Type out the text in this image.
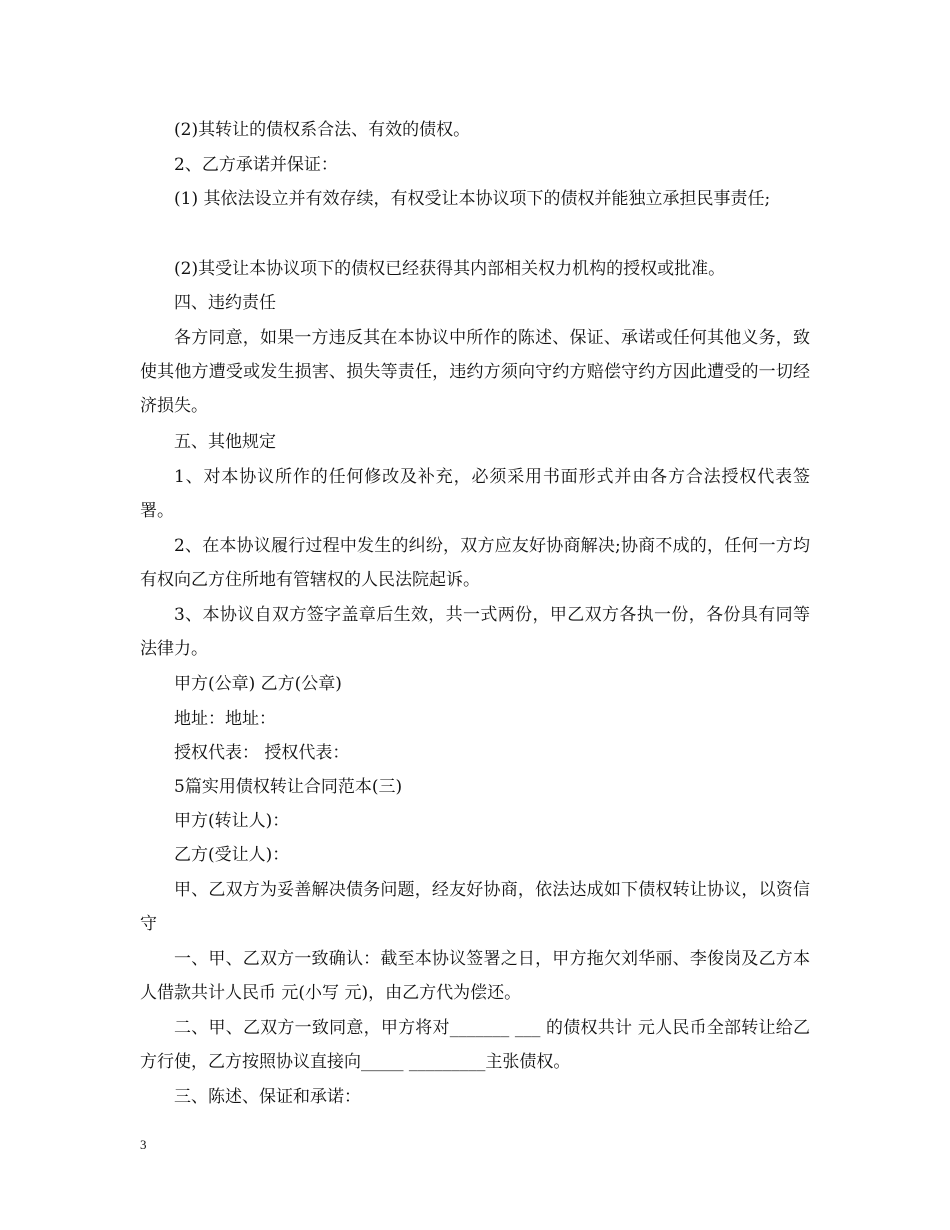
(2)其转让的债权系合法、有效的债权。

2、乙方承诺并保证：

(1) 其依法设立并有效存续，有权受让本协议项下的债权并能独立承担民事责任;

(2)其受让本协议项下的债权已经获得其内部相关权力机构的授权或批准。

四、违约责任

各方同意，如果一方违反其在本协议中所作的陈述、保证、承诺或任何其他义务，致使其他方遭受或发生损害、损失等责任，违约方须向守约方赔偿守约方因此遭受的一切经济损失。

五、其他规定

1、对本协议所作的任何修改及补充，必须采用书面形式并由各方合法授权代表签署。

2、在本协议履行过程中发生的纠纷，双方应友好协商解决;协商不成的，任何一方均有权向乙方住所地有管辖权的人民法院起诉。

3、本协议自双方签字盖章后生效，共一式两份，甲乙双方各执一份，各份具有同等法律力。

甲方(公章) 乙方(公章)

地址：地址：

授权代表： 授权代表：

5篇实用债权转让合同范本(三)

甲方(转让人)：

乙方(受让人)：

甲、乙双方为妥善解决债务问题，经友好协商，依法达成如下债权转让协议，以资信守

一、甲、乙双方一致确认：截至本协议签署之日，甲方拖欠刘华丽、李俊岗及乙方本人借款共计人民币 元(小写 元)，由乙方代为偿还。

二、甲、乙双方一致同意，甲方将对_______ ___ 的债权共计 元人民币全部转让给乙方行使，乙方按照协议直接向_____ _________主张债权。

三、陈述、保证和承诺：

3
